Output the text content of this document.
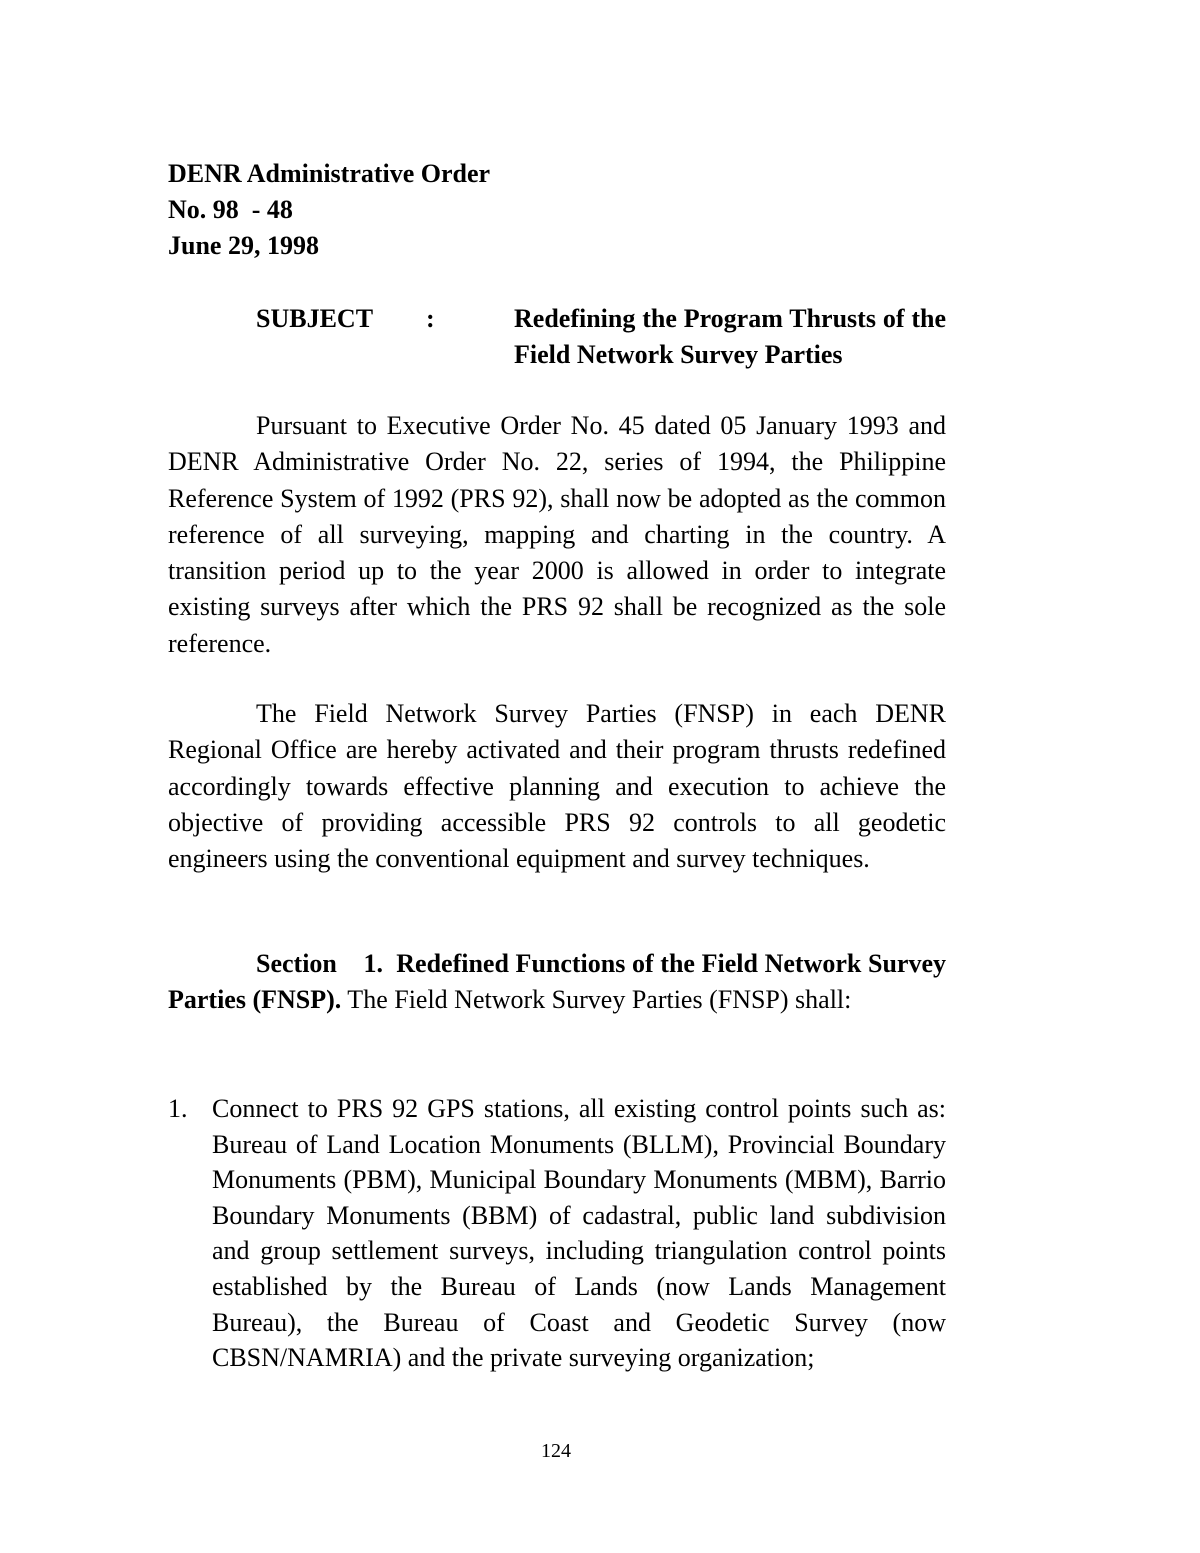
DENR Administrative Order
No. 98  - 48
June 29, 1998
SUBJECT :	Redefining the Program Thrusts of the Field Network Survey Parties
Pursuant to Executive Order No. 45 dated 05 January 1993 and DENR Administrative Order No. 22, series of 1994, the Philippine Reference System of 1992 (PRS 92), shall now be adopted as the common reference of all surveying, mapping and charting in the country. A transition period up to the year 2000 is allowed in order to integrate existing surveys after which the PRS 92 shall be recognized as the sole reference.
The Field Network Survey Parties (FNSP) in each DENR Regional Office are hereby activated and their program thrusts redefined accordingly towards effective planning and execution to achieve the objective of providing accessible PRS 92 controls to all geodetic engineers using the conventional equipment and survey techniques.
Section    1.  Redefined Functions of the Field Network Survey Parties (FNSP). The Field Network Survey Parties (FNSP) shall:
1. Connect to PRS 92 GPS stations, all existing control points such as: Bureau of Land Location Monuments (BLLM), Provincial Boundary Monuments (PBM), Municipal Boundary Monuments (MBM), Barrio Boundary Monuments (BBM) of cadastral, public land subdivision and group settlement surveys, including triangulation control points established by the Bureau of Lands (now Lands Management Bureau), the Bureau of Coast and Geodetic Survey (now CBSN/NAMRIA) and the private surveying organization;
124
